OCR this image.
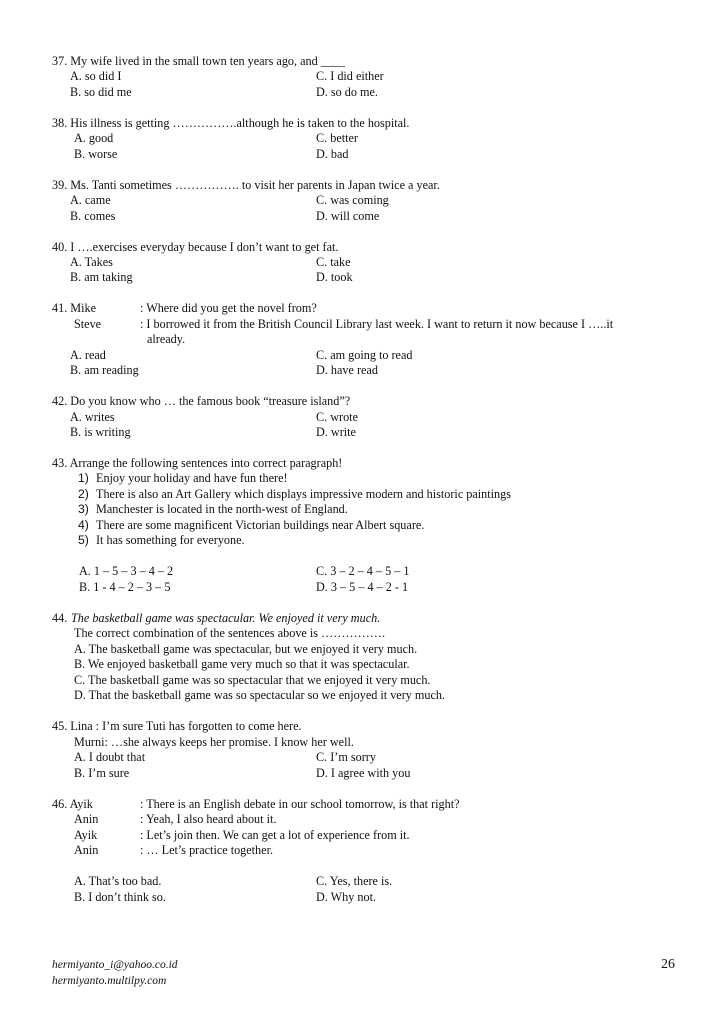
37. My wife lived in the small town ten years ago, and ____
A. so did I	C. I did either
B. so did me	D. so do me.
38. His illness is getting …………….although he is taken to the hospital.
A. good	C. better
B. worse	D. bad
39. Ms. Tanti sometimes ……………. to visit her parents in Japan twice a year.
A. came	C. was coming
B. comes	D. will come
40. I ….exercises everyday because I don’t want to get fat.
A. Takes	C. take
B. am taking	D. took
41. Mike	: Where did you get the novel from?
Steve	: I borrowed it from the British Council Library last week. I want to return it now because I …..it
already.
A. read	C. am going to read
B. am reading	D. have read
42. Do you know who … the famous book “treasure island”?
A. writes	C. wrote
B. is writing	D. write
43. Arrange the following sentences into correct paragraph!
1) Enjoy your holiday and have fun there!
2) There is also an Art Gallery which displays impressive modern and historic paintings
3) Manchester is located in the north-west of England.
4) There are some magnificent Victorian buildings near Albert square.
5) It has something for everyone.
A. 1 – 5 – 3 – 4 – 2	C. 3 – 2 – 4 – 5 – 1
B. 1 - 4 – 2 – 3 – 5	D. 3 – 5 – 4 – 2 - 1
44. The basketball game was spectacular. We enjoyed it very much.
The correct combination of the sentences above is …………….
A. The basketball game was spectacular, but we enjoyed it very much.
B. We enjoyed basketball game very much so that it was spectacular.
C. The basketball game was so spectacular that we enjoyed it very much.
D. That the basketball game was so spectacular so we enjoyed it very much.
45. Lina : I’m sure Tuti has forgotten to come here.
Murni: …she always keeps her promise. I know her well.
A. I doubt that	C. I’m sorry
B. I’m sure	D. I agree with you
46. Ayik	: There is an English debate in our school tomorrow, is that right?
Anin	: Yeah, I also heard about it.
Ayik	: Let’s join then. We can get a lot of experience from it.
Anin	: … Let’s practice together.
A. That’s too bad.	C. Yes, there is.
B. I don’t think so.	D. Why not.
hermiyanto_i@yahoo.co.id
hermiyanto.multilpy.com
26
